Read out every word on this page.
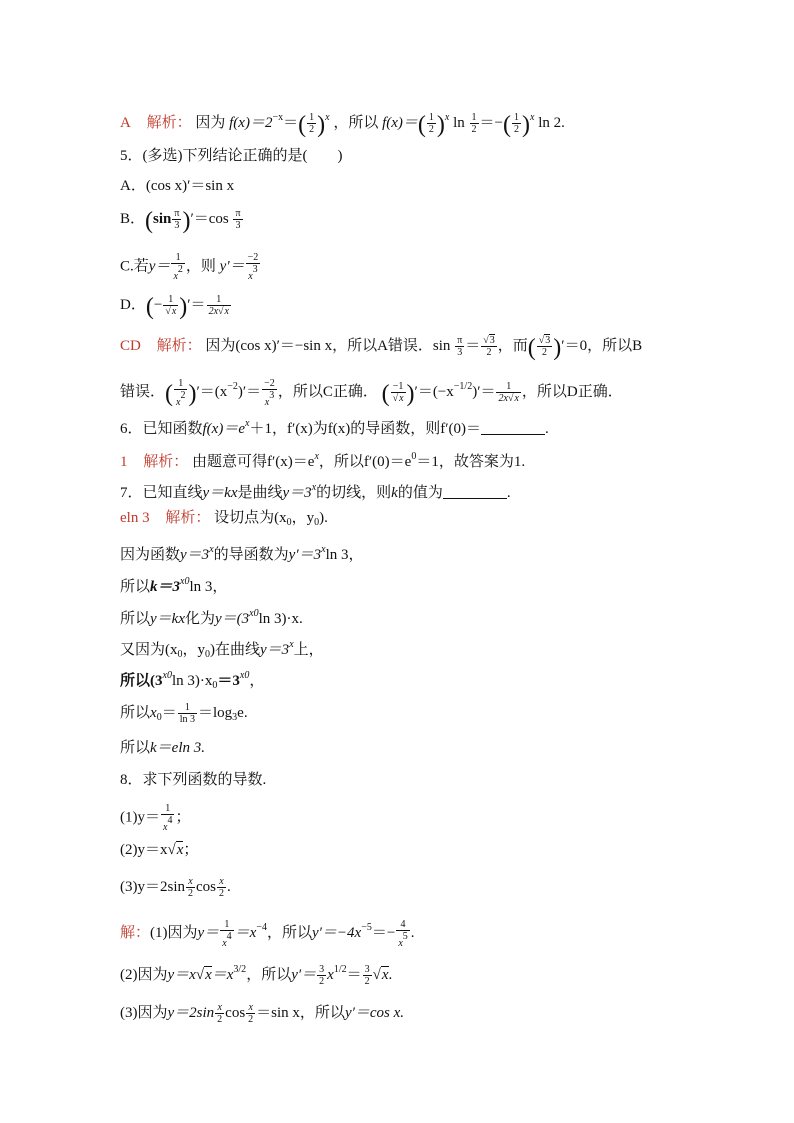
A 解析： 因为 $f(x)=2^{-x}=( \frac{1}{2} )^x$ ，所以 $f(x)=( \frac{1}{2} )^x$ $\ln \frac{1}{2}$ ＝−( $\frac{1}{2} )^x$ ln 2.
5．(多选)下列结论正确的是(　　)
A．(cos x)′＝sin x
B．$(\sin \frac{\pi}{3} )'=\cos \frac{\pi}{3}$
C.若$y= \frac{1}{x2}$ ，则 $y'= \frac{-2}{x3}$
D．(− $\frac{1}{√x}$ )′＝ $\frac{1}{2x√x}$
CD 解析： 因为(cos x)′＝−sin x，所以A错误．$\sin \frac{\pi}{3} = \frac{√3}{2}$ ，而( $\frac{√3}{2} )'=0$，所以B
错误．( $\frac{1}{x2} )'=(x^{-2})'= \frac{-2}{x3}$ ，所以C正确． ( $\frac{-1}{√x} )'=(-x^{-1/2})'= \frac{1}{2x√x}$ ，所以D正确．
6．已知函数$f(x)=e^x+1$，f′(x)为f(x)的导函数，则f′(0)＝	.
1 解析： 由题意可得$f'(x)=e^x$，所以$f'(0)=e^0=1$，故答案为1.
7．已知直线y＝kx是曲线$y=3^x$的切线，则k的值为	.
eln 3 解析： 设切点为($x_0$，$y_0$).
因为函数$y=3^x$的导函数为$y'=3^x\ln$ 3，
所以$k=3^{x0}\ln$ 3，
所以y＝kx化为$y=(3^{x0}\ln$ 3)·x.
又因为($x_0$，$y_0$)在曲线$y=3^x$上，
所以($3^{x0}\ln$ $3)\cdot x_0=3^{x0}$，
所以$x_0= \frac{1}{\ln 3} =\log_3e$.
所以k＝eln 3.
8．求下列函数的导数.
$(1)y= \frac{1}{x4}$ ；
(2)y＝x√x；
$(3)y=2\sin \frac{x}{2}$ $\cos \frac{x}{2}$ .
解：(1)因为$y= \frac{1}{x4} =x^{-4}$，所以$y'=-4x^{-5}=- \frac{4}{x5}$ .
(2)因为$y=x√x=x^{3/2}$，所以$y'= \frac{3}{2} x^{1/2}= \frac{3}{2} √x$.
(3)因为$y=2\sin \frac{x}{2}$ $\cos \frac{x}{2} =\sin$ x，所以y′＝cos x.
